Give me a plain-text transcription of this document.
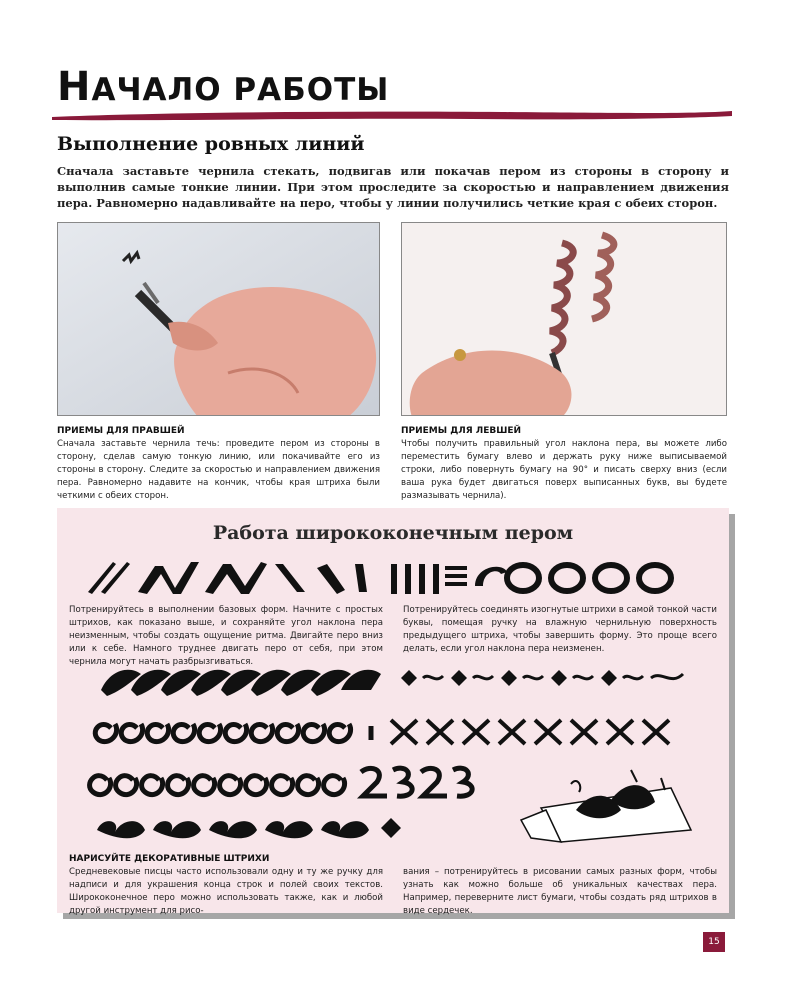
НАЧАЛО РАБОТЫ
Выполнение ровных линий
Сначала заставьте чернила стекать, подвигав или покачав пером из стороны в сторону и выполнив самые тонкие линии. При этом проследите за скоростью и направлением движения пера. Равномерно надавливайте на перо, чтобы у линии получились четкие края с обеих сторон.
ПРИЕМЫ ДЛЯ ПРАВШЕЙ
Сначала заставьте чернила течь: проведите пером из стороны в сторону, сделав самую тонкую линию, или покачивайте его из стороны в сторону. Следите за скоростью и направлением движения пера. Равномерно надавите на кончик, чтобы края штриха были четкими с обеих сторон.
ПРИЕМЫ ДЛЯ ЛЕВШЕЙ
Чтобы получить правильный угол наклона пера, вы можете либо переместить бумагу влево и держать руку ниже выписываемой строки, либо повернуть бумагу на 90° и писать сверху вниз (если ваша рука будет двигаться поверх выписанных букв, вы будете размазывать чернила).
Работа ширококонечным пером
Потренируйтесь в выполнении базовых форм. Начните с простых штрихов, как показано выше, и сохраняйте угол наклона пера неизменным, чтобы создать ощущение ритма. Двигайте перо вниз или к себе. Намного труднее двигать перо от себя, при этом чернила могут начать разбрызгиваться.
Потренируйтесь соединять изогнутые штрихи в самой тонкой части буквы, помещая ручку на влажную чернильную поверхность предыдущего штриха, чтобы завершить форму. Это проще всего делать, если угол наклона пера неизменен.
НАРИСУЙТЕ ДЕКОРАТИВНЫЕ ШТРИХИ
Средневековые писцы часто использовали одну и ту же ручку для надписи и для украшения конца строк и полей своих текстов. Ширококонечное перо можно использовать также, как и любой другой инструмент для рисо-
вания – потренируйтесь в рисовании самых разных форм, чтобы узнать как можно больше об уникальных качествах пера. Например, переверните лист бумаги, чтобы создать ряд штрихов в виде сердечек.
15
